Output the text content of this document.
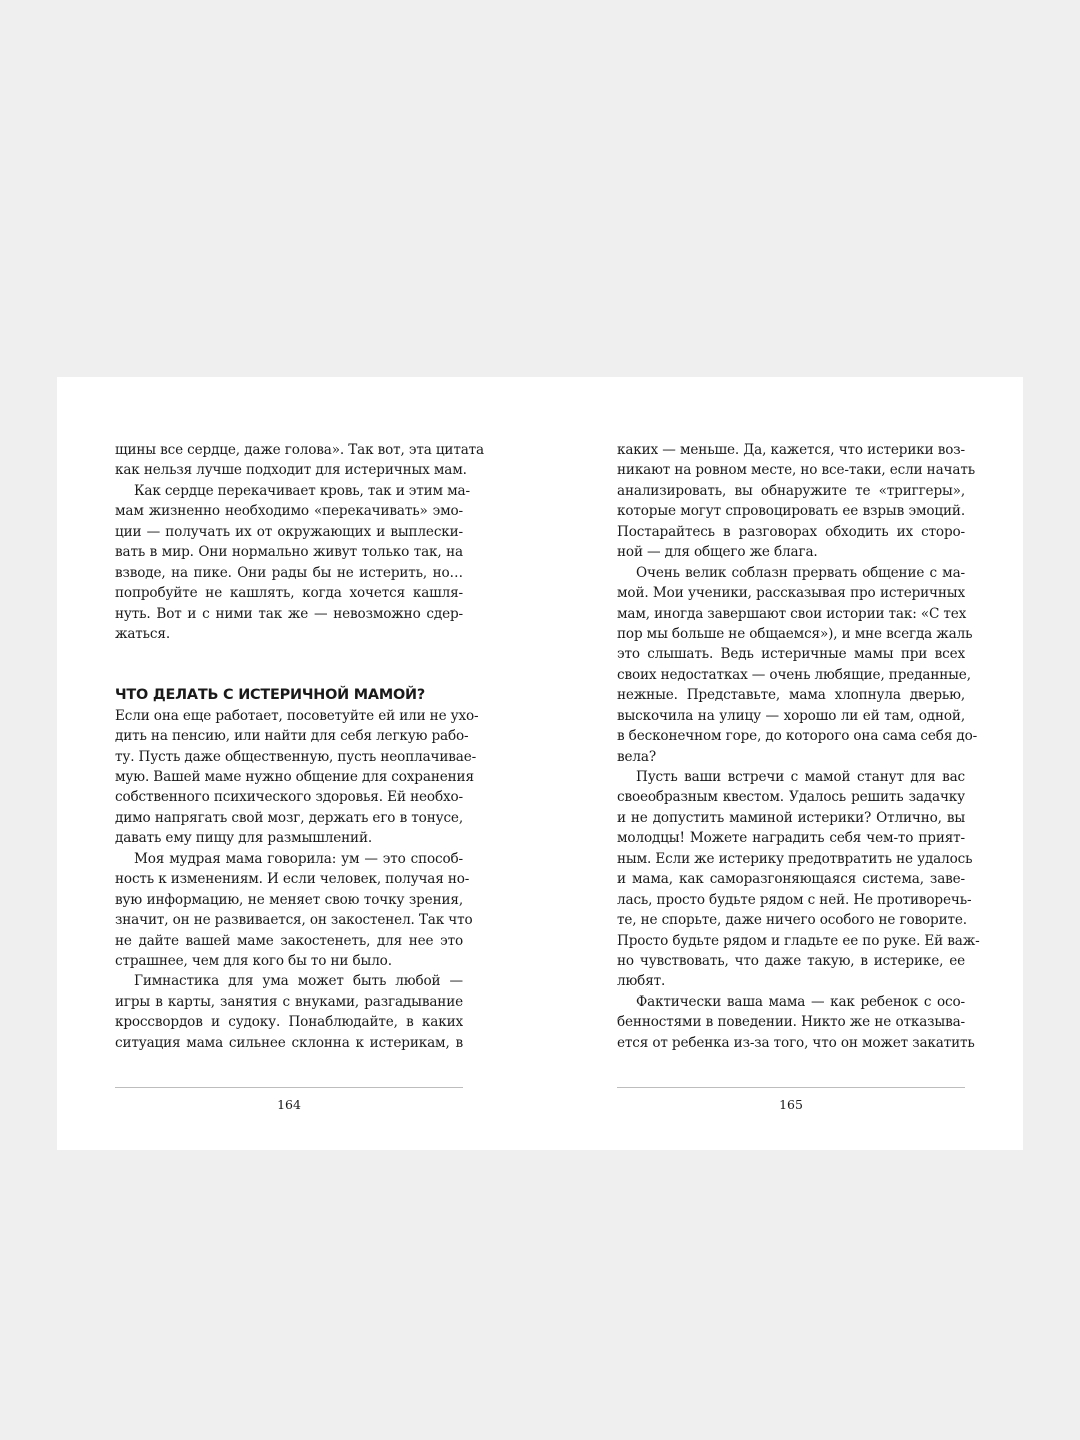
щины все сердце, даже голова». Так вот, эта цитата
как нельзя лучше подходит для истеричных мам.
Как сердце перекачивает кровь, так и этим ма-
мам жизненно необходимо «перекачивать» эмо-
ции — получать их от окружающих и выплески-
вать в мир. Они нормально живут только так, на
взводе, на пике. Они рады бы не истерить, но…
попробуйте не кашлять, когда хочется кашля-
нуть. Вот и с ними так же — невозможно сдер-
жаться.
ЧТО ДЕЛАТЬ С ИСТЕРИЧНОЙ МАМОЙ?
Если она еще работает, посоветуйте ей или не ухо-
дить на пенсию, или найти для себя легкую рабо-
ту. Пусть даже общественную, пусть неоплачивае-
мую. Вашей маме нужно общение для сохранения
собственного психического здоровья. Ей необхо-
димо напрягать свой мозг, держать его в тонусе,
давать ему пищу для размышлений.
Моя мудрая мама говорила: ум — это способ-
ность к изменениям. И если человек, получая но-
вую информацию, не меняет свою точку зрения,
значит, он не развивается, он закостенел. Так что
не дайте вашей маме закостенеть, для нее это
страшнее, чем для кого бы то ни было.
Гимнастика для ума может быть любой —
игры в карты, занятия с внуками, разгадывание
кроссвордов и судоку. Понаблюдайте, в каких
ситуация мама сильнее склонна к истерикам, в
164
каких — меньше. Да, кажется, что истерики воз-
никают на ровном месте, но все-таки, если начать
анализировать, вы обнаружите те «триггеры»,
которые могут спровоцировать ее взрыв эмоций.
Постарайтесь в разговорах обходить их сторо-
ной — для общего же блага.
Очень велик соблазн прервать общение с ма-
мой. Мои ученики, рассказывая про истеричных
мам, иногда завершают свои истории так: «С тех
пор мы больше не общаемся»), и мне всегда жаль
это слышать. Ведь истеричные мамы при всех
своих недостатках — очень любящие, преданные,
нежные. Представьте, мама хлопнула дверью,
выскочила на улицу — хорошо ли ей там, одной,
в бесконечном горе, до которого она сама себя до-
вела?
Пусть ваши встречи с мамой станут для вас
своеобразным квестом. Удалось решить задачку
и не допустить маминой истерики? Отлично, вы
молодцы! Можете наградить себя чем-то прият-
ным. Если же истерику предотвратить не удалось
и мама, как саморазгоняющаяся система, заве-
лась, просто будьте рядом с ней. Не противоречь-
те, не спорьте, даже ничего особого не говорите.
Просто будьте рядом и гладьте ее по руке. Ей важ-
но чувствовать, что даже такую, в истерике, ее
любят.
Фактически ваша мама — как ребенок с осо-
бенностями в поведении. Никто же не отказыва-
ется от ребенка из-за того, что он может закатить
165
